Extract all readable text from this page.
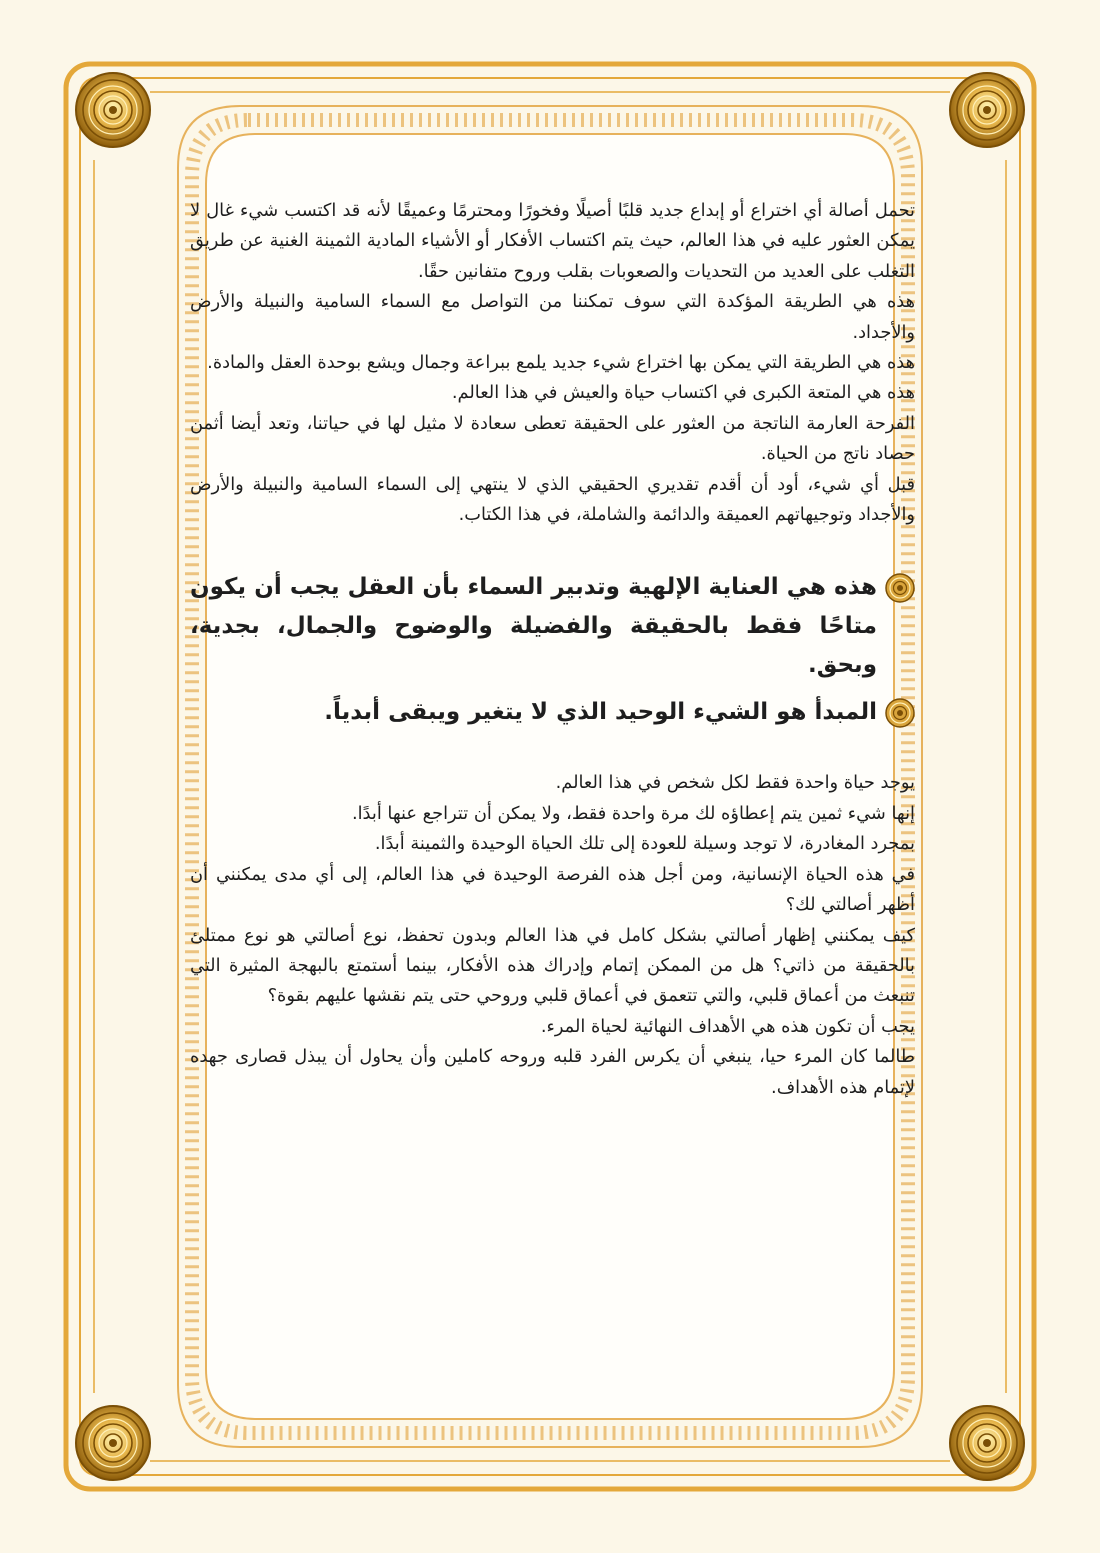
تحمل أصالة أي اختراع أو إبداع جديد قلبًا أصيلًا وفخورًا ومحترمًا وعميقًا لأنه قد اكتسب شيء غال لا يمكن العثور عليه في هذا العالم، حيث يتم اكتساب الأفكار أو الأشياء المادية الثمينة الغنية عن طريق التغلب على العديد من التحديات والصعوبات بقلب وروح متفانين حقًا.

هذه هي الطريقة المؤكدة التي سوف تمكننا من التواصل مع السماء السامية والنبيلة والأرض والأجداد.

هذه هي الطريقة التي يمكن بها اختراع شيء جديد يلمع ببراعة وجمال ويشع بوحدة العقل والمادة.

هذه هي المتعة الكبرى في اكتساب حياة والعيش في هذا العالم.

الفرحة العارمة الناتجة من العثور على الحقيقة تعطى سعادة لا مثيل لها في حياتنا، وتعد أيضا أثمن حصاد ناتج من الحياة.

قبل أي شيء، أود أن أقدم تقديري الحقيقي الذي لا ينتهي إلى السماء السامية والنبيلة والأرض والأجداد وتوجيهاتهم العميقة والدائمة والشاملة، في هذا الكتاب.

هذه هي العناية الإلهية وتدبير السماء بأن العقل يجب أن يكون متاحًا فقط بالحقيقة والفضيلة والوضوح والجمال، بجدية، وبحق.
المبدأ هو الشيء الوحيد الذي لا يتغير ويبقى أبدياً.

يوجد حياة واحدة فقط لكل شخص في هذا العالم.

إنها شيء ثمين يتم إعطاؤه لك مرة واحدة فقط، ولا يمكن أن تتراجع عنها أبدًا.

بمجرد المغادرة، لا توجد وسيلة للعودة إلى تلك الحياة الوحيدة والثمينة أبدًا.

في هذه الحياة الإنسانية، ومن أجل هذه الفرصة الوحيدة في هذا العالم، إلى أي مدى يمكنني أن أظهر أصالتي لك؟

كيف يمكنني إظهار أصالتي بشكل كامل في هذا العالم وبدون تحفظ، نوع أصالتي هو نوع ممتلئ بالحقيقة من ذاتي؟ هل من الممكن إتمام وإدراك هذه الأفكار، بينما أستمتع بالبهجة المثيرة التي تنبعث من أعماق قلبي، والتي تتعمق في أعماق قلبي وروحي حتى يتم نقشها عليهم بقوة؟

يجب أن تكون هذه هي الأهداف النهائية لحياة المرء.

طالما كان المرء حيا، ينبغي أن يكرس الفرد قلبه وروحه كاملين وأن يحاول أن يبذل قصارى جهده لإتمام هذه الأهداف.
